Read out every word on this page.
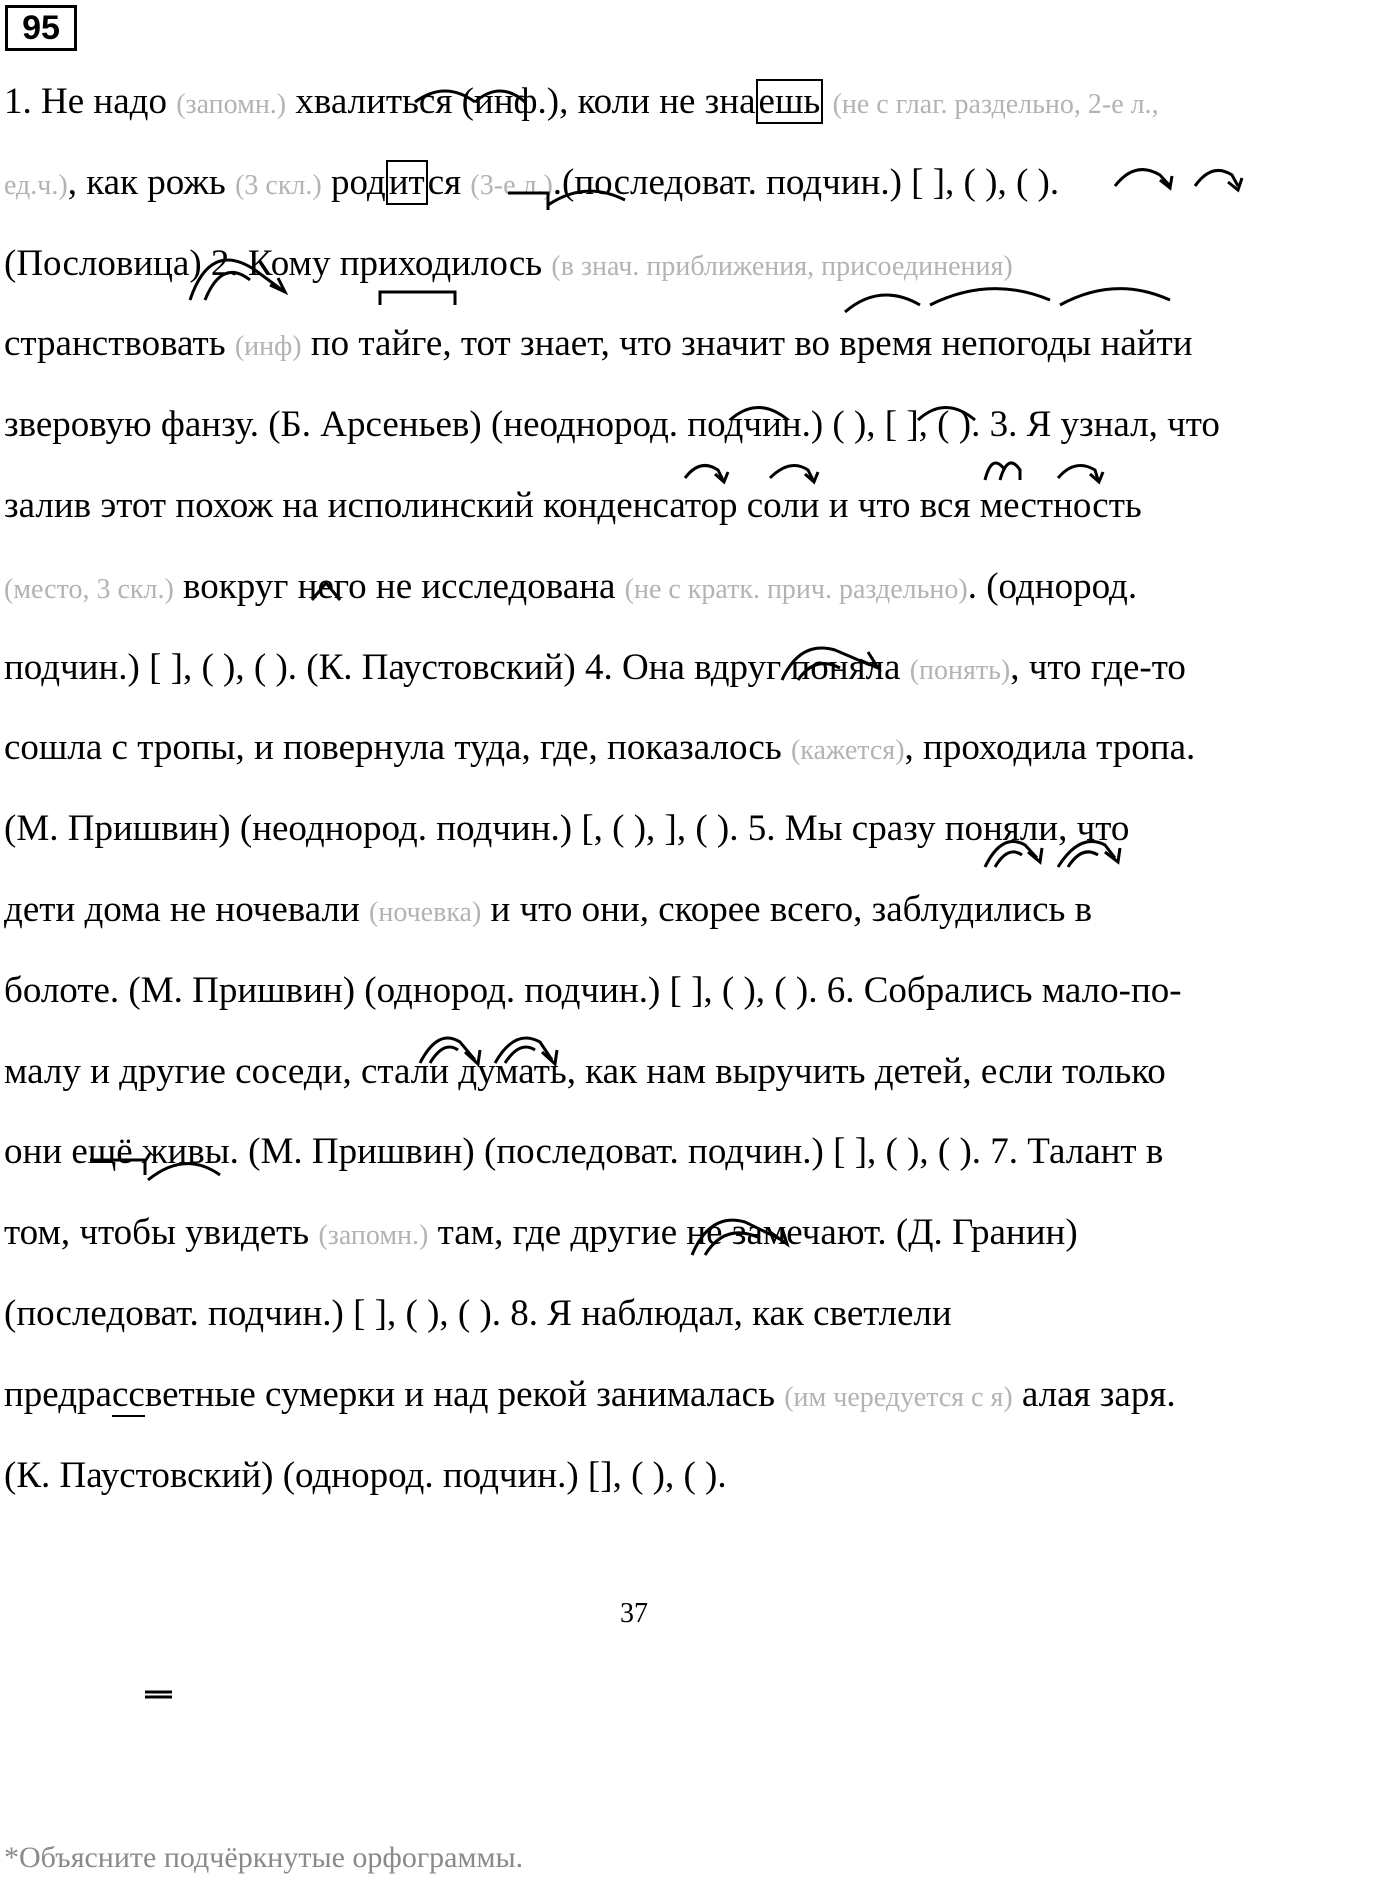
95
1. Не надо (запомн.) хвалиться (инф.), коли не знаешь (не с глаг. раздельно, 2-е л.,
ед.ч.), как рожь (3 скл.) родится (3-е л.).(последоват. подчин.) [ ], ( ), ( ).
(Пословица) 2. Кому приходилось (в знач. приближения, присоединения)
странствовать (инф) по тайге, тот знает, что значит во время непогоды найти
зверовую фанзу. (Б. Арсеньев) (неоднород. подчин.) ( ), [ ], ( ). 3. Я узнал, что
залив этот похож на исполинский конденсатор соли и что вся местность
(место, 3 скл.) вокруг него не исследована (не с кратк. прич. раздельно). (однород.
подчин.) [ ], ( ), ( ). (К. Паустовский) 4. Она вдруг поняла (понять), что где-то
сошла с тропы, и повернула туда, где, показалось (кажется), проходила тропа.
(М. Пришвин) (неоднород. подчин.) [, ( ), ], ( ). 5. Мы сразу поняли, что
дети дома не ночевали (ночевка) и что они, скорее всего, заблудились в
болоте. (М. Пришвин) (однород. подчин.) [ ], ( ), ( ). 6. Собрались мало-по-
малу и другие соседи, стали думать, как нам выручить детей, если только
они ещё живы. (М. Пришвин) (последоват. подчин.) [ ], ( ), ( ). 7. Талант в
том, чтобы увидеть (запомн.) там, где другие не замечают. (Д. Гранин)
(последоват. подчин.) [ ], ( ), ( ). 8. Я наблюдал, как светлели
предрассветные сумерки и над рекой занималась (им чередуется с я) алая заря.
(К. Паустовский) (однород. подчин.) [], ( ), ( ).
37
*Объясните подчёркнутые орфограммы.
